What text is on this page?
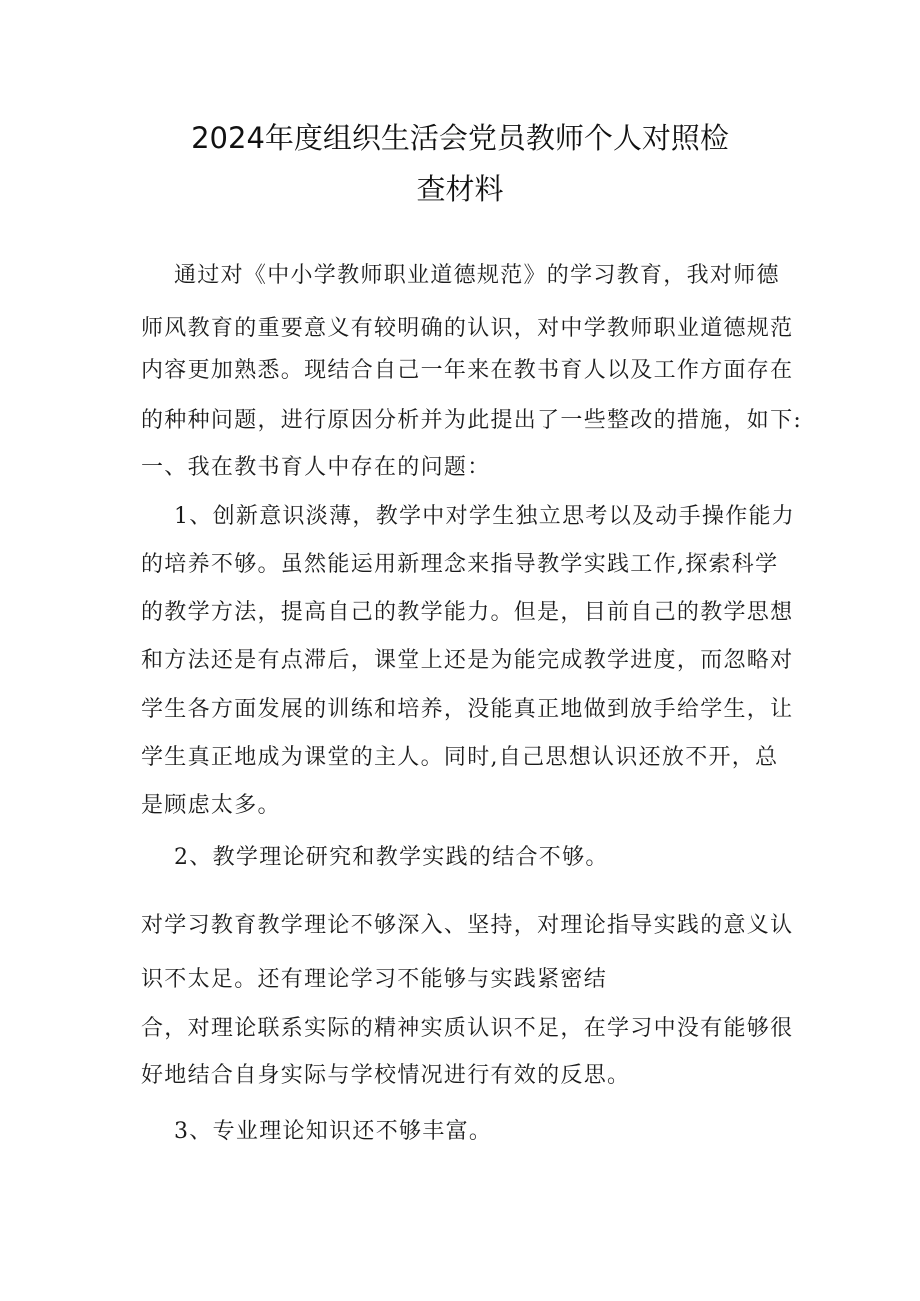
2024年度组织生活会党员教师个人对照检
查材料

通过对《中小学教师职业道德规范》的学习教育，我对师德

师风教育的重要意义有较明确的认识，对中学教师职业道德规范

内容更加熟悉。现结合自己一年来在教书育人以及工作方面存在

的种种问题，进行原因分析并为此提出了一些整改的措施，如下:

一、我在教书育人中存在的问题：

1、创新意识淡薄，教学中对学生独立思考以及动手操作能力

的培养不够。虽然能运用新理念来指导教学实践工作,探索科学

的教学方法，提高自己的教学能力。但是，目前自己的教学思想

和方法还是有点滞后，课堂上还是为能完成教学进度，而忽略对

学生各方面发展的训练和培养，没能真正地做到放手给学生，让

学生真正地成为课堂的主人。同时,自己思想认识还放不开，总

是顾虑太多。

2、教学理论研究和教学实践的结合不够。

对学习教育教学理论不够深入、坚持，对理论指导实践的意义认

识不太足。还有理论学习不能够与实践紧密结

合，对理论联系实际的精神实质认识不足，在学习中没有能够很

好地结合自身实际与学校情况进行有效的反思。

3、专业理论知识还不够丰富。
